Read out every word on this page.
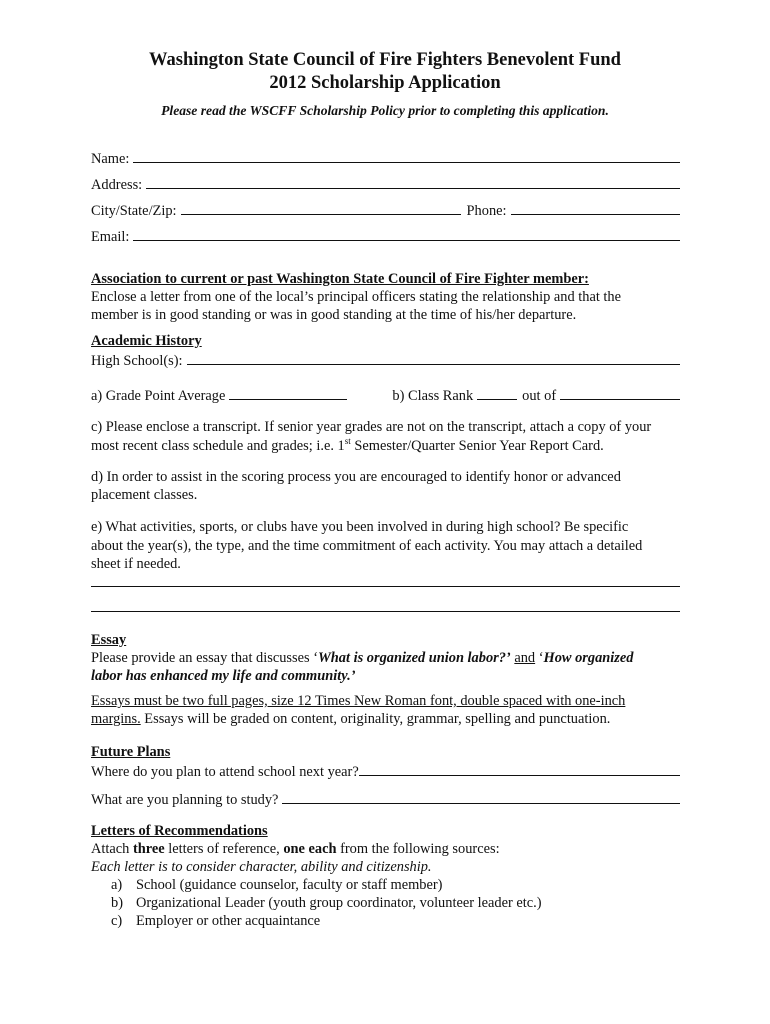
Washington State Council of Fire Fighters Benevolent Fund
2012 Scholarship Application
Please read the WSCFF Scholarship Policy prior to completing this application.
Name:
Address:
City/State/Zip:	Phone:
Email:
Association to current or past Washington State Council of Fire Fighter member:
Enclose a letter from one of the local’s principal officers stating the relationship and that the
member is in good standing or was in good standing at the time of his/her departure.
Academic History
High School(s):
a) Grade Point Average	b) Class Rank	out of
c) Please enclose a transcript. If senior year grades are not on the transcript, attach a copy of your
most recent class schedule and grades; i.e. 1st Semester/Quarter Senior Year Report Card.
d) In order to assist in the scoring process you are encouraged to identify honor or advanced
placement classes.
e) What activities, sports, or clubs have you been involved in during high school? Be specific
about the year(s), the type, and the time commitment of each activity. You may attach a detailed
sheet if needed.
Essay
Please provide an essay that discusses ‘What is organized union labor?’ and ‘How organized
labor has enhanced my life and community.’
Essays must be two full pages, size 12 Times New Roman font, double spaced with one-inch
margins. Essays will be graded on content, originality, grammar, spelling and punctuation.
Future Plans
Where do you plan to attend school next year?
What are you planning to study?
Letters of Recommendations
Attach three letters of reference, one each from the following sources:
Each letter is to consider character, ability and citizenship.
a) School (guidance counselor, faculty or staff member)
b) Organizational Leader (youth group coordinator, volunteer leader etc.)
c) Employer or other acquaintance
